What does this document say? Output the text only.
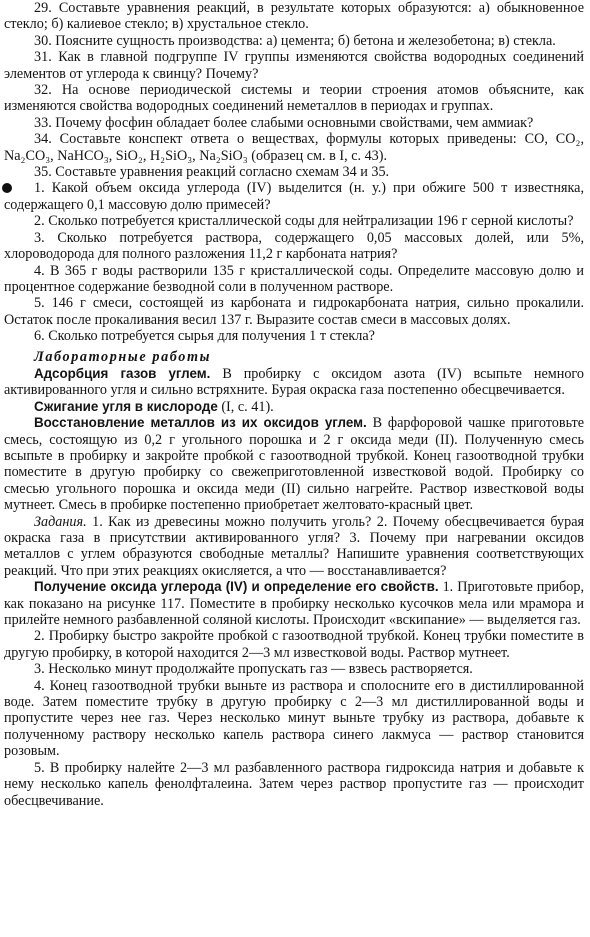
29. Составьте уравнения реакций, в результате которых образуются: а) обыкновенное стекло; б) калиевое стекло; в) хрустальное стекло.

30. Поясните сущность производства: а) цемента; б) бетона и железобетона; в) стекла.

31. Как в главной подгруппе IV группы изменяются свойства водородных соединений элементов от углерода к свинцу? Почему?

32. На основе периодической системы и теории строения атомов объясните, как изменяются свойства водородных соединений неметаллов в периодах и группах.

33. Почему фосфин обладает более слабыми основными свойствами, чем аммиак?

34. Составьте конспект ответа о веществах, формулы которых приведены: CO, CO₂, Na₂CO₃, NaHCO₃, SiO₂, H₂SiO₃, Na₂SiO₃ (образец см. в I, с. 43).

35. Составьте уравнения реакций согласно схемам 34 и 35.

1. Какой объем оксида углерода (IV) выделится (н. у.) при обжиге 500 т известняка, содержащего 0,1 массовую долю примесей?

2. Сколько потребуется кристаллической соды для нейтрализации 196 г серной кислоты?

3. Сколько потребуется раствора, содержащего 0,05 массовых долей, или 5%, хлороводорода для полного разложения 11,2 г карбоната натрия?

4. В 365 г воды растворили 135 г кристаллической соды. Определите массовую долю и процентное содержание безводной соли в полученном растворе.

5. 146 г смеси, состоящей из карбоната и гидрокарбоната натрия, сильно прокалили. Остаток после прокаливания весил 137 г. Выразите состав смеси в массовых долях.

6. Сколько потребуется сырья для получения 1 т стекла?

Лабораторные работы

Адсорбция газов углем. В пробирку с оксидом азота (IV) всыпьте немного активированного угля и сильно встряхните. Бурая окраска газа постепенно обесцвечивается.

Сжигание угля в кислороде (I, с. 41).

Восстановление металлов из их оксидов углем. В фарфоровой чашке приготовьте смесь, состоящую из 0,2 г угольного порошка и 2 г оксида меди (II). Полученную смесь всыпьте в пробирку и закройте пробкой с газоотводной трубкой. Конец газоотводной трубки поместите в другую пробирку со свежеприготовленной известковой водой. Пробирку со смесью угольного порошка и оксида меди (II) сильно нагрейте. Раствор известковой воды мутнеет. Смесь в пробирке постепенно приобретает желтовато-красный цвет.

Задания. 1. Как из древесины можно получить уголь? 2. Почему обесцвечивается бурая окраска газа в присутствии активированного угля? 3. Почему при нагревании оксидов металлов с углем образуются свободные металлы? Напишите уравнения соответствующих реакций. Что при этих реакциях окисляется, а что — восстанавливается?

Получение оксида углерода (IV) и определение его свойств. 1. Приготовьте прибор, как показано на рисунке 117. Поместите в пробирку несколько кусочков мела или мрамора и прилейте немного разбавленной соляной кислоты. Происходит «вскипание» — выделяется газ.

2. Пробирку быстро закройте пробкой с газоотводной трубкой. Конец трубки поместите в другую пробирку, в которой находится 2—3 мл известковой воды. Раствор мутнеет.

3. Несколько минут продолжайте пропускать газ — взвесь растворяется.

4. Конец газоотводной трубки выньте из раствора и сполосните его в дистиллированной воде. Затем поместите трубку в другую пробирку с 2—3 мл дистиллированной воды и пропустите через нее газ. Через несколько минут выньте трубку из раствора, добавьте к полученному раствору несколько капель раствора синего лакмуса — раствор становится розовым.

5. В пробирку налейте 2—3 мл разбавленного раствора гидроксида натрия и добавьте к нему несколько капель фенолфталеина. Затем через раствор пропустите газ — происходит обесцвечивание.
